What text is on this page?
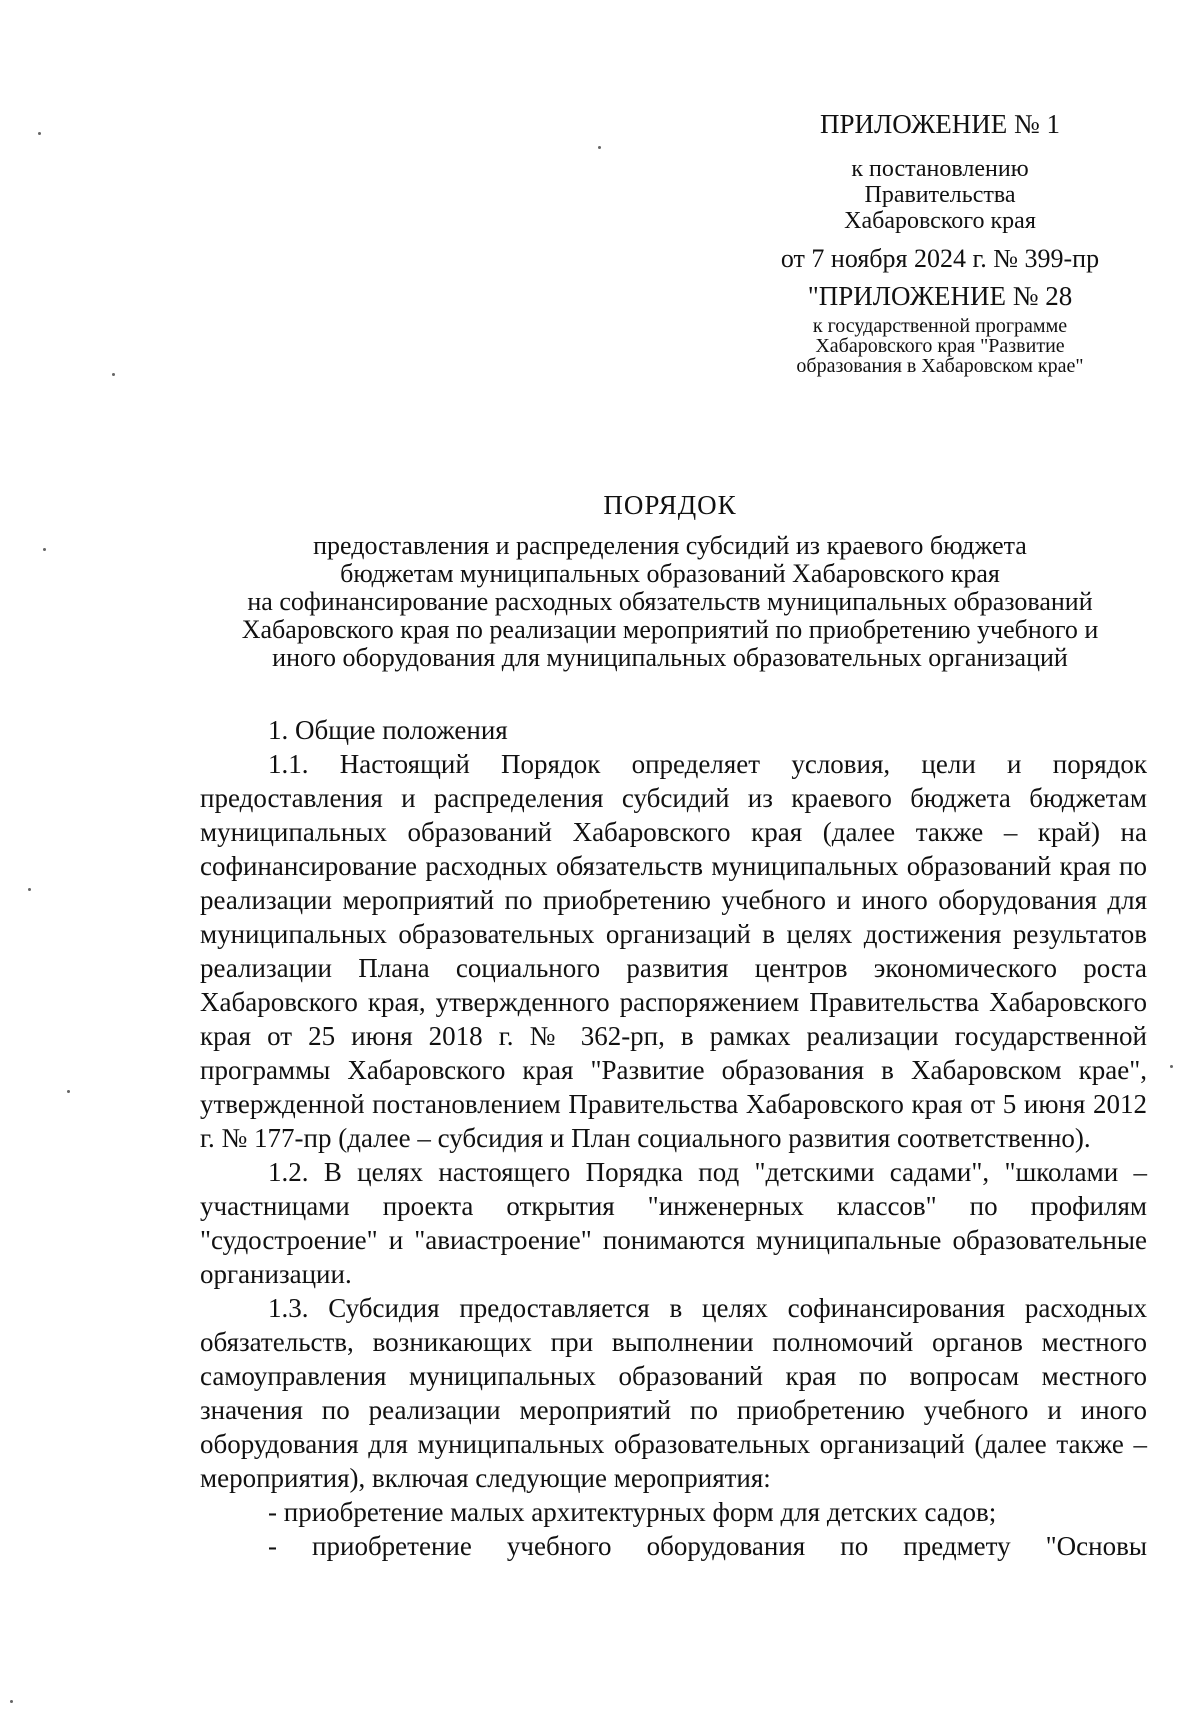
ПРИЛОЖЕНИЕ № 1
к постановлению
Правительства
Хабаровского края
от 7 ноября 2024 г. № 399-пр
"ПРИЛОЖЕНИЕ № 28
к государственной программе
Хабаровского края "Развитие
образования в Хабаровском крае"
ПОРЯДОК
предоставления и распределения субсидий из краевого бюджета
бюджетам муниципальных образований Хабаровского края
на софинансирование расходных обязательств муниципальных образований
Хабаровского края по реализации мероприятий по приобретению учебного и
иного оборудования для муниципальных образовательных организаций

1. Общие положения

1.1. Настоящий Порядок определяет условия, цели и порядок предоставления и распределения субсидий из краевого бюджета бюджетам муниципальных образований Хабаровского края (далее также – край) на софинансирование расходных обязательств муниципальных образований края по реализации мероприятий по приобретению учебного и иного оборудования для муниципальных образовательных организаций в целях достижения результатов реализации Плана социального развития центров экономического роста Хабаровского края, утвержденного распоряжением Правительства Хабаровского края от 25 июня 2018 г. № 362-рп, в рамках реализации государственной программы Хабаровского края "Развитие образования в Хабаровском крае", утвержденной постановлением Правительства Хабаровского края от 5 июня 2012 г. № 177-пр (далее – субсидия и План социального развития соответственно).

1.2. В целях настоящего Порядка под "детскими садами", "школами – участницами проекта открытия "инженерных классов" по профилям "судостроение" и "авиастроение" понимаются муниципальные образовательные организации.

1.3. Субсидия предоставляется в целях софинансирования расходных обязательств, возникающих при выполнении полномочий органов местного самоуправления муниципальных образований края по вопросам местного значения по реализации мероприятий по приобретению учебного и иного оборудования для муниципальных образовательных организаций (далее также – мероприятия), включая следующие мероприятия:

- приобретение малых архитектурных форм для детских садов;

- приобретение учебного оборудования по предмету "Основы
